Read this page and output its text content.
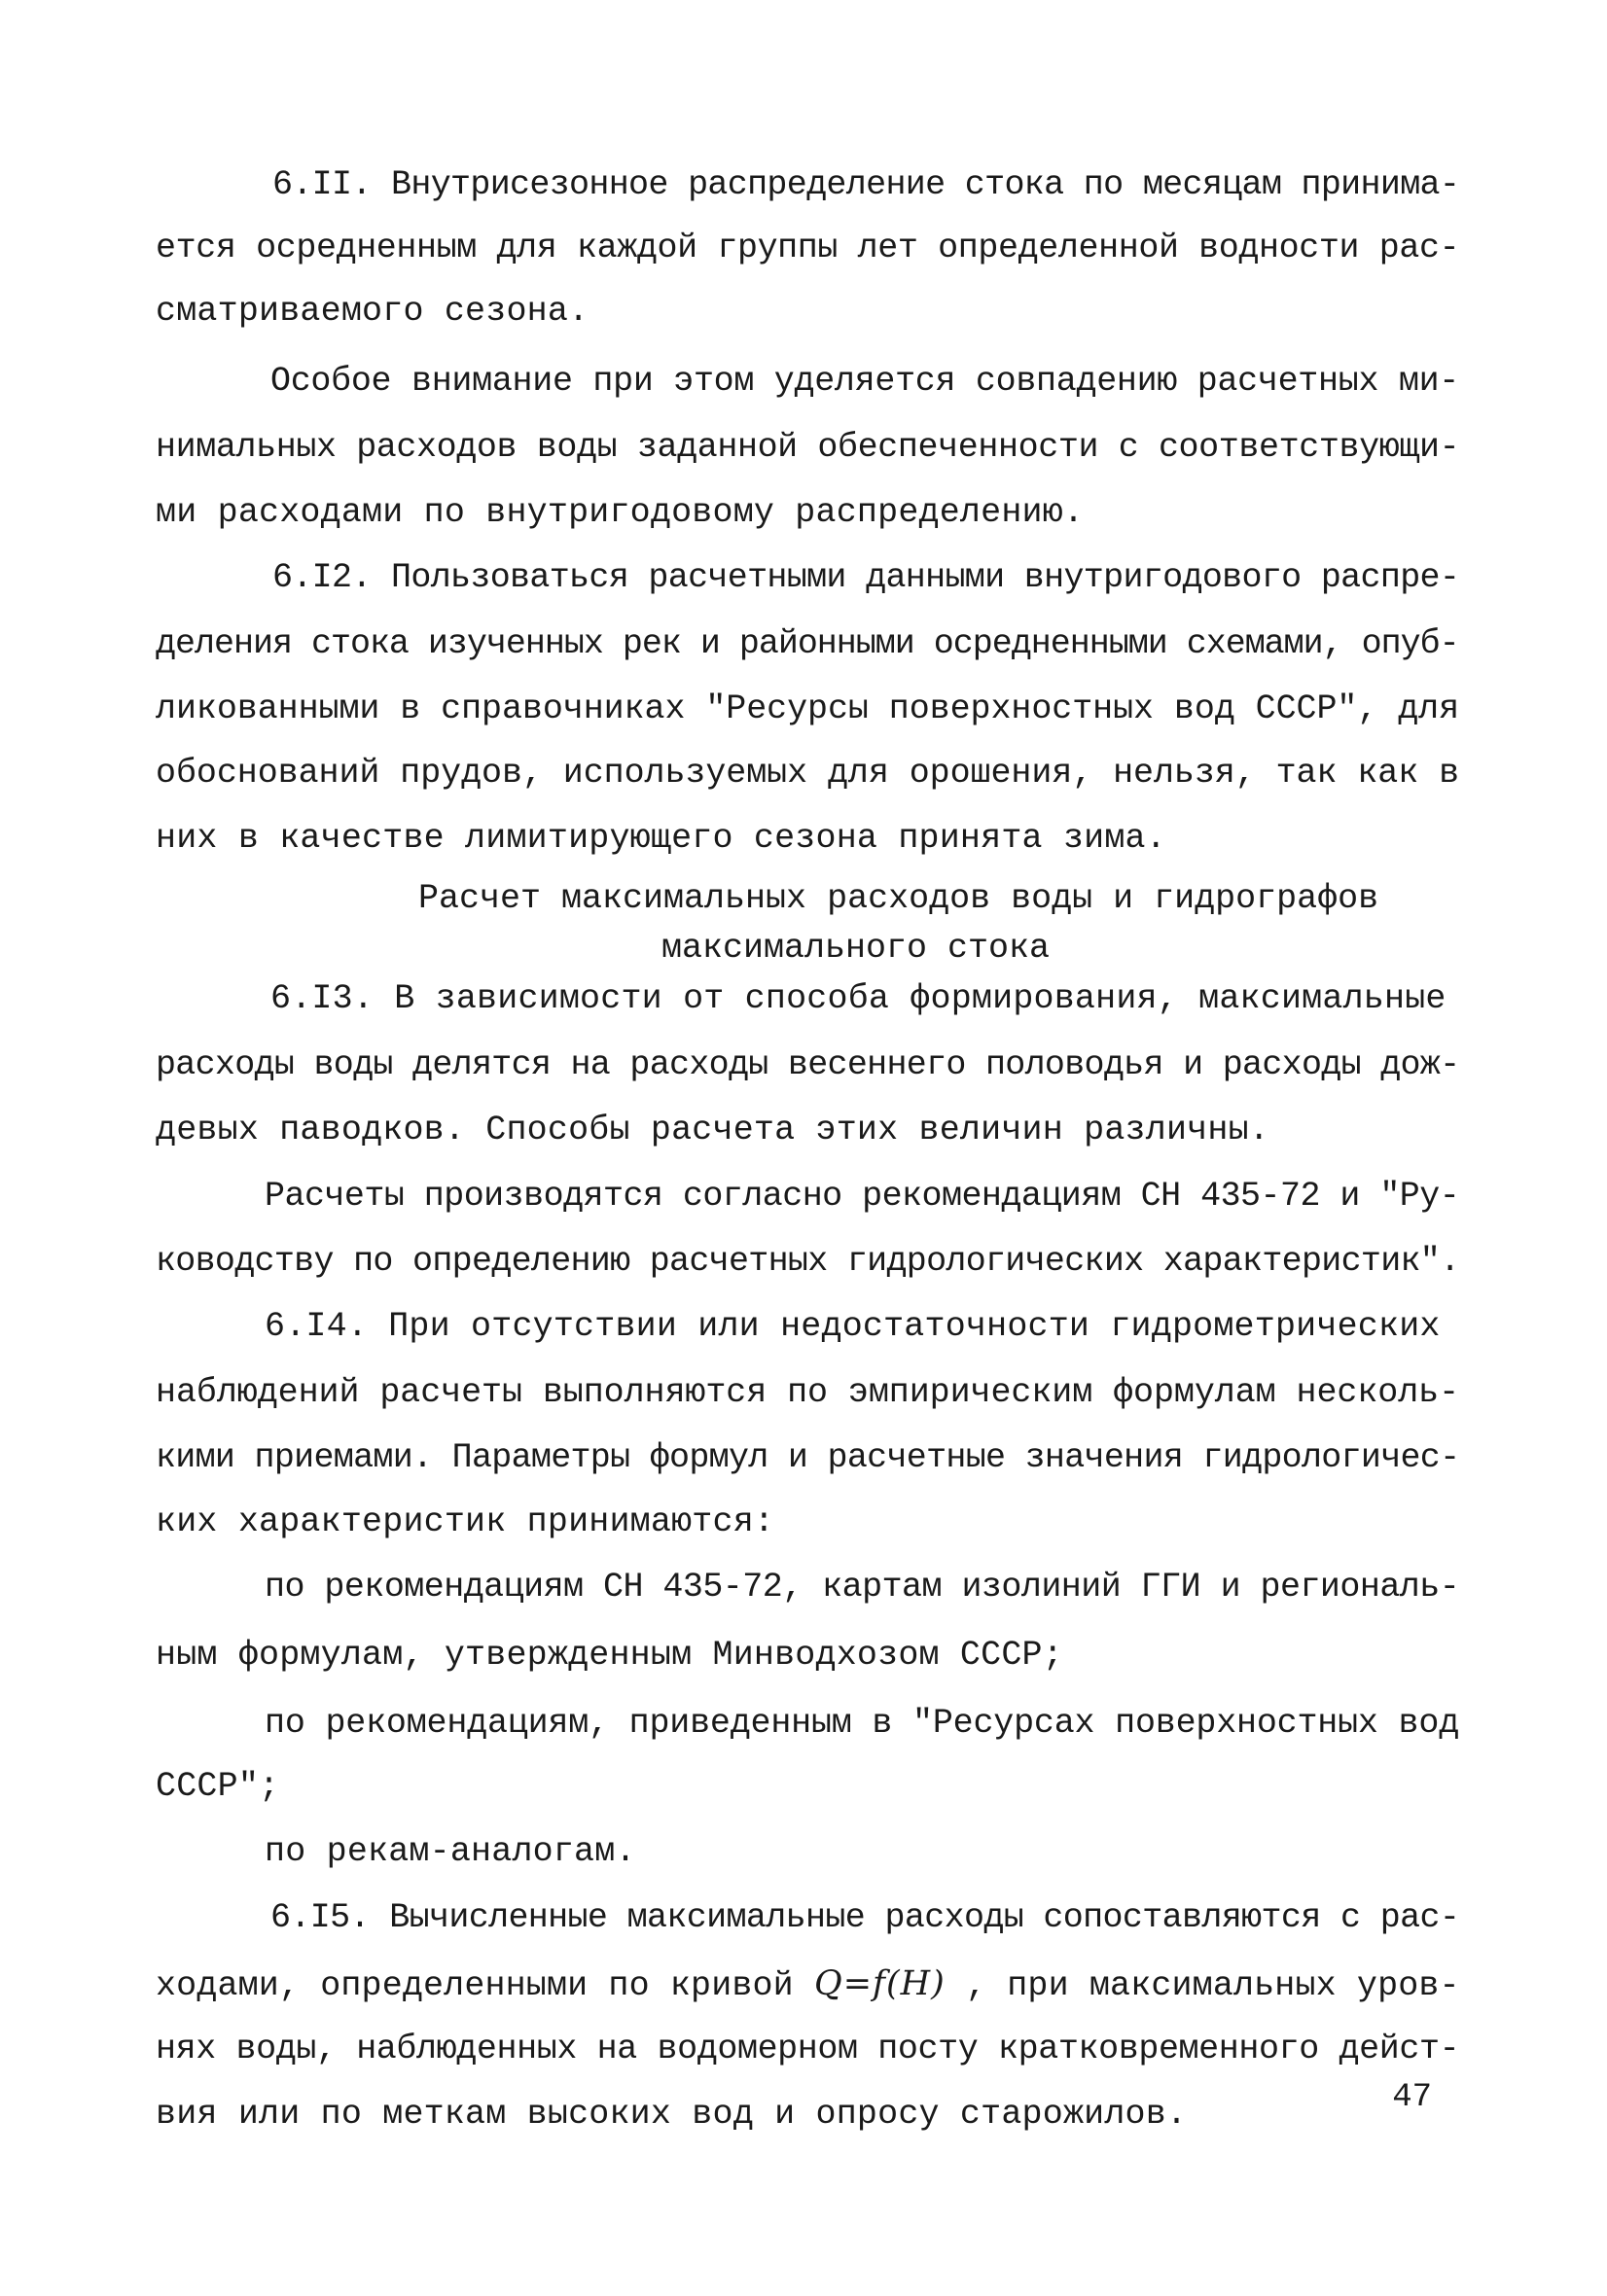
6.II. Внутрисезонное распределение стока по месяцам принима-
ется осредненным для каждой группы лет определенной водности рас-
сматриваемого сезона.
Особое внимание при этом уделяется совпадению расчетных ми-
нимальных расходов воды заданной обеспеченности с соответствующи-
ми расходами по внутригодовому распределению.
6.I2. Пользоваться расчетными данными внутригодового распре-
деления стока изученных рек и районными осредненными схемами, опуб-
ликованными в справочниках "Ресурсы поверхностных вод СССР", для
обоснований прудов, используемых для орошения, нельзя, так как в
них в качестве лимитирующего сезона принята зима.
Расчет максимальных расходов воды и гидрографов
максимального стока
6.I3. В зависимости от способа формирования, максимальные
расходы воды делятся на расходы весеннего половодья и расходы дож-
девых паводков. Способы расчета этих величин различны.
Расчеты производятся согласно рекомендациям СН 435-72 и "Ру-
ководству по определению расчетных гидрологических характеристик".
6.I4. При отсутствии или недостаточности гидрометрических
наблюдений расчеты выполняются по эмпирическим формулам несколь-
кими приемами. Параметры формул и расчетные значения гидрологичес-
ких характеристик принимаются:
по рекомендациям СН 435-72, картам изолиний ГГИ и региональ-
ным формулам, утвержденным Минводхозом СССР;
по рекомендациям, приведенным в "Ресурсах поверхностных вод
СССР";
по рекам-аналогам.
6.I5. Вычисленные максимальные расходы сопоставляются с рас-
ходами, определенными по кривой Q=f(H) , при максимальных уров-
нях воды, наблюденных на водомерном посту кратковременного дейст-
вия или по меткам высоких вод и опросу старожилов.	47
